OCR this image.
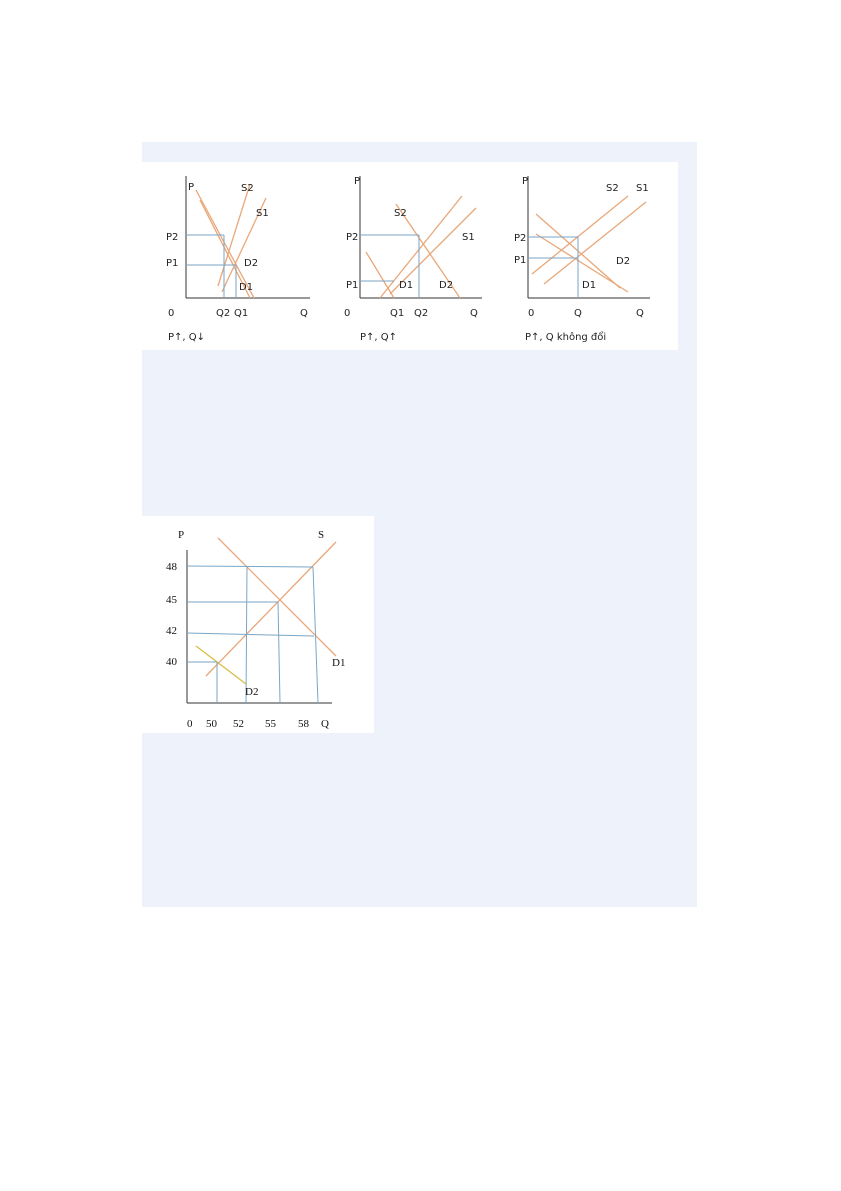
P	S2
S1
P2
P1	D2
D1
0	Q2 Q1	Q
P↑, Q↓
P
S2
S1
P2
P1	D1	D2
0	Q1 Q2	Q
P↑, Q↑
P
S2 S1
P2
P1	D2
D1
0	Q	Q
P↑, Q không đổi
P	S
D1
D2
48
45
42
40
0 50 52 55 58 Q
